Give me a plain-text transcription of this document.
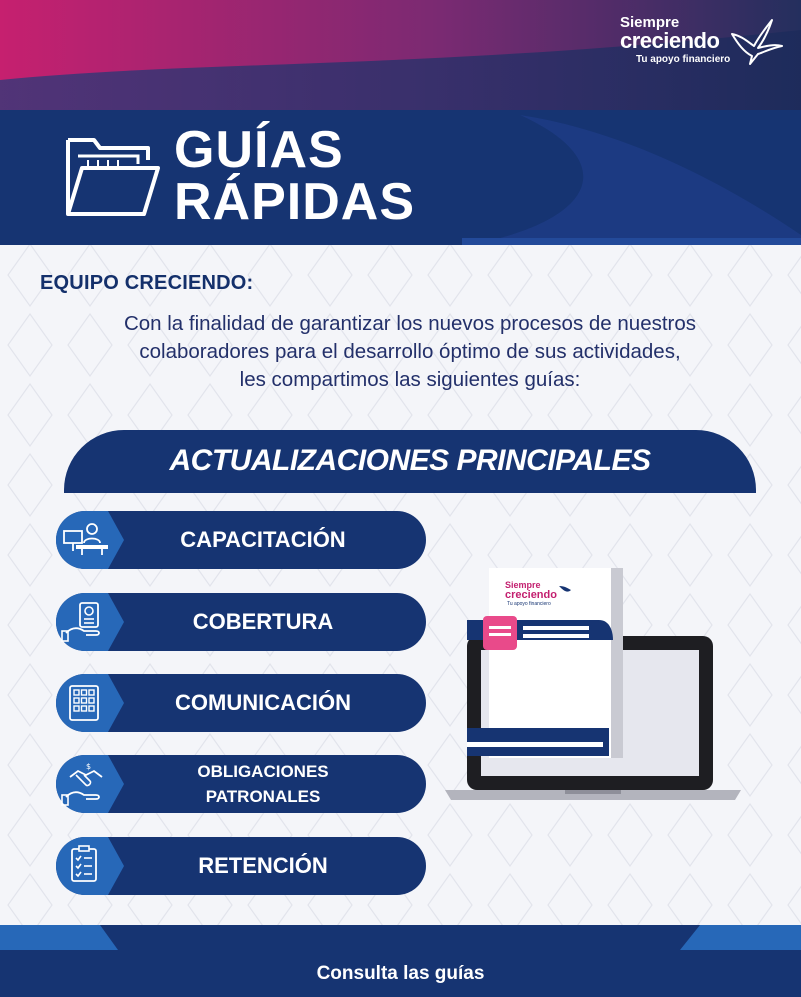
Siempre
creciendo
Tu apoyo financiero
GUÍAS
RÁPIDAS
EQUIPO CRECIENDO:
Con la finalidad de garantizar los nuevos procesos de nuestros
colaboradores para el desarrollo óptimo de sus actividades,
les compartimos las siguientes guías:
ACTUALIZACIONES PRINCIPALES
CAPACITACIÓN
COBERTURA
COMUNICACIÓN
$	OBLIGACIONES
PATRONALES
RETENCIÓN
Siempre
creciendo
Tu apoyo financiero
Consulta las guías
